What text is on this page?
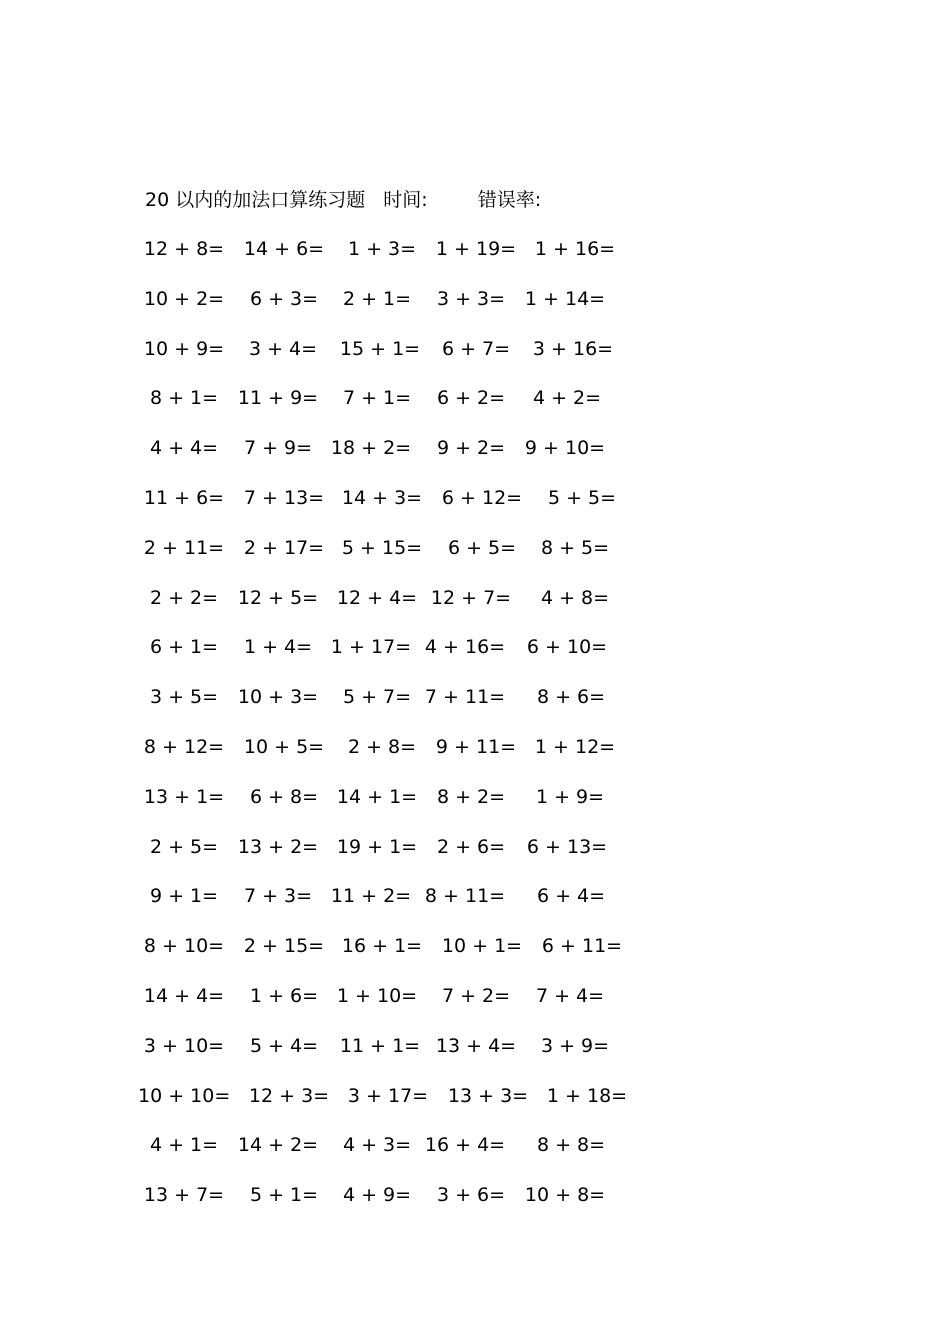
20 以内的加法口算练习题 时间:	错误率:
12 + 8=	14 + 6=	1 + 3=	1 + 19= 1 + 16=
10 + 2=	6 + 3=	2 + 1=	3 + 3=	1 + 14=
10 + 9=	3 + 4=	15 + 1=	6 + 7=	3 + 16=
8 + 1=	11 + 9=	7 + 1=	6 + 2=	4 + 2=
4 + 4=	7 + 9= 18 + 2=	9 + 2=	9 + 10=
11 + 6=	7 + 13= 14 + 3=	6 + 12=	5 + 5=
2 + 11=	2 + 17= 5 + 15=	6 + 5=	8 + 5=
2 + 2=	12 + 5= 12 + 4= 12 + 7=	4 + 8=
6 + 1=	1 + 4= 1 + 17= 4 + 16=	6 + 10=
3 + 5=	10 + 3=	5 + 7= 7 + 11=	8 + 6=
8 + 12=	10 + 5=	2 + 8=	9 + 11= 1 + 12=
13 + 1=	6 + 8= 14 + 1=	8 + 2=	1 + 9=
2 + 5=	13 + 2= 19 + 1=	2 + 6=	6 + 13=
9 + 1=	7 + 3= 11 + 2= 8 + 11=	6 + 4=
8 + 10=	2 + 15= 16 + 1=	10 + 1=	6 + 11=
14 + 4=	1 + 6= 1 + 10=	7 + 2=	7 + 4=
3 + 10=	5 + 4=	11 + 1= 13 + 4=	3 + 9=
10 + 10= 12 + 3= 3 + 17=	13 + 3= 1 + 18=
4 + 1=	14 + 2=	4 + 3= 16 + 4=	8 + 8=
13 + 7=	5 + 1=	4 + 9=	3 + 6=	10 + 8=
